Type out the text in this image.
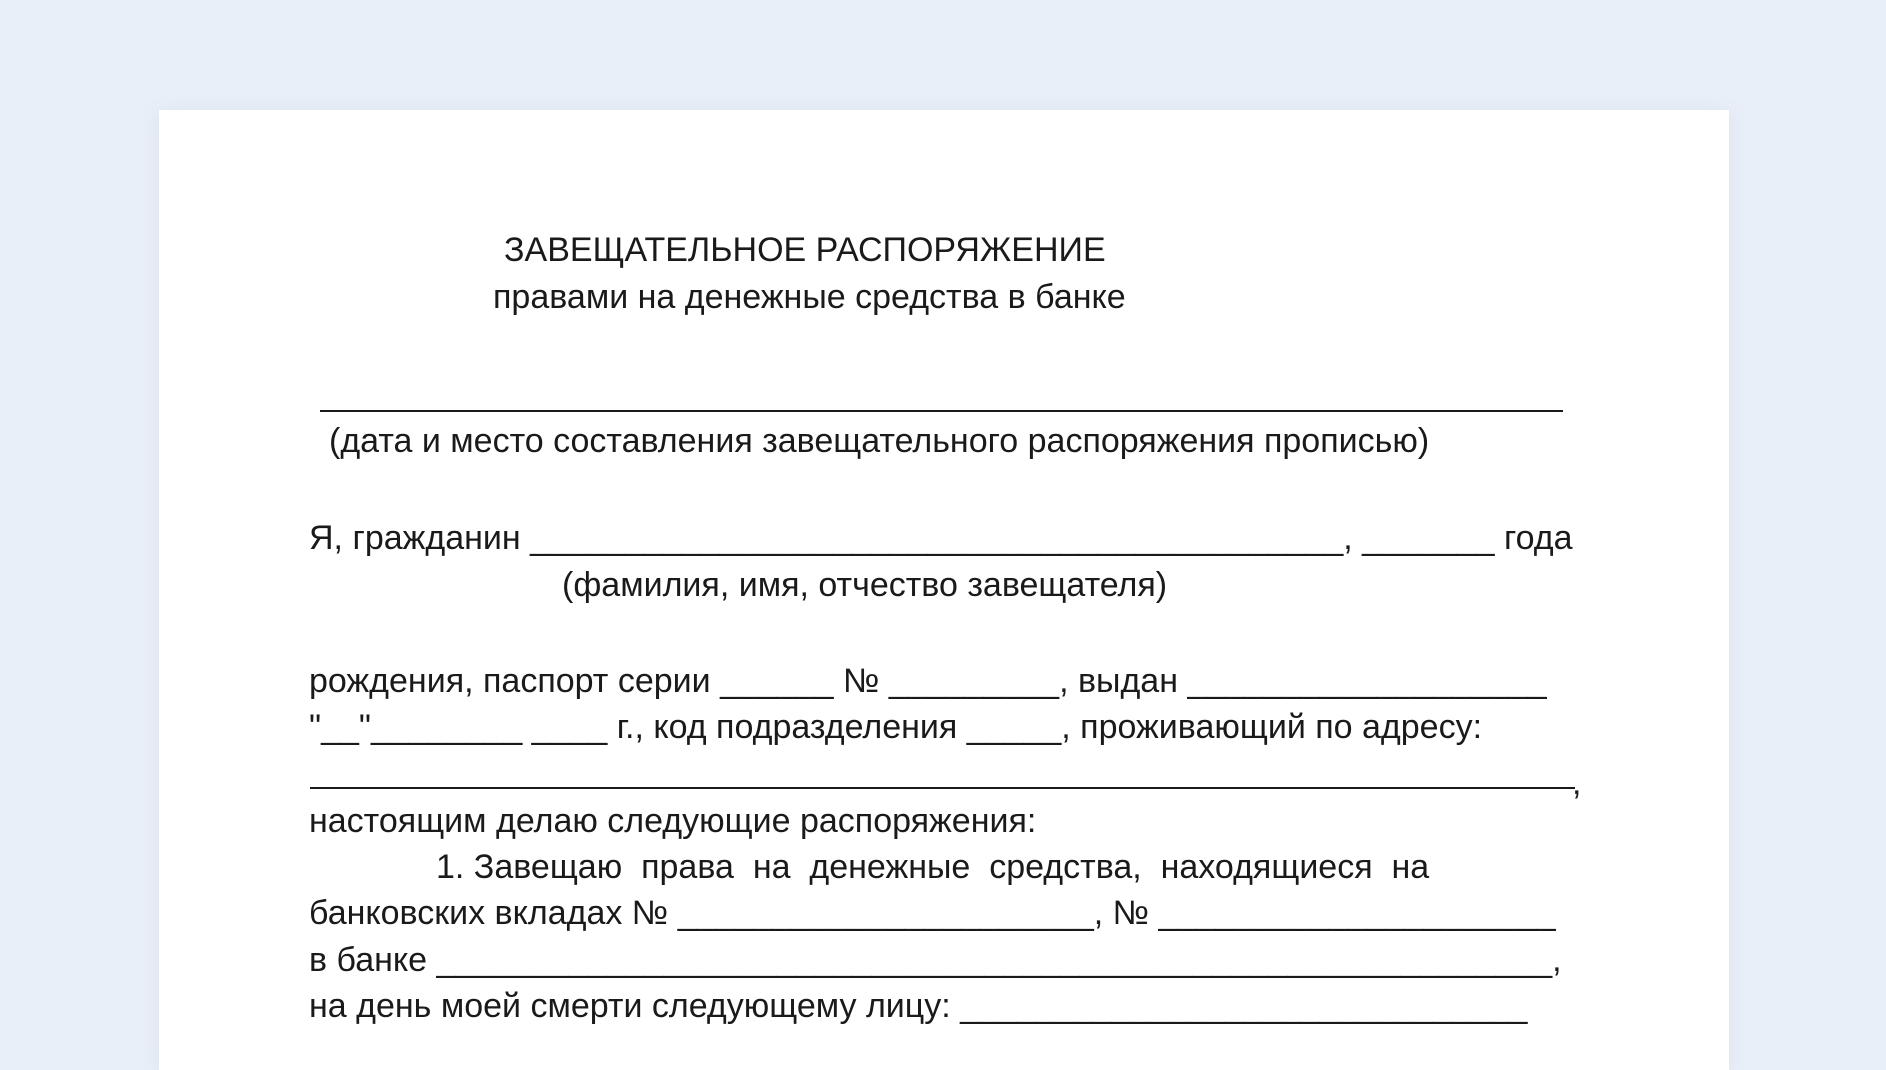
ЗАВЕЩАТЕЛЬНОЕ РАСПОРЯЖЕНИЕ

правами на денежные средства в банке

(дата и место составления завещательного распоряжения прописью)

Я, гражданин ___________________________________________, _______ года

(фамилия, имя, отчество завещателя)

рождения, паспорт серии ______ № _________, выдан ___________________

"__"________ ____ г., код подразделения _____, проживающий по адресу:

,

настоящим делаю следующие распоряжения:

1. Завещаю  права  на  денежные  средства,  находящиеся  на

банковских вкладах № ______________________, № _____________________

в банке ___________________________________________________________,

на день моей смерти следующему лицу: ______________________________
